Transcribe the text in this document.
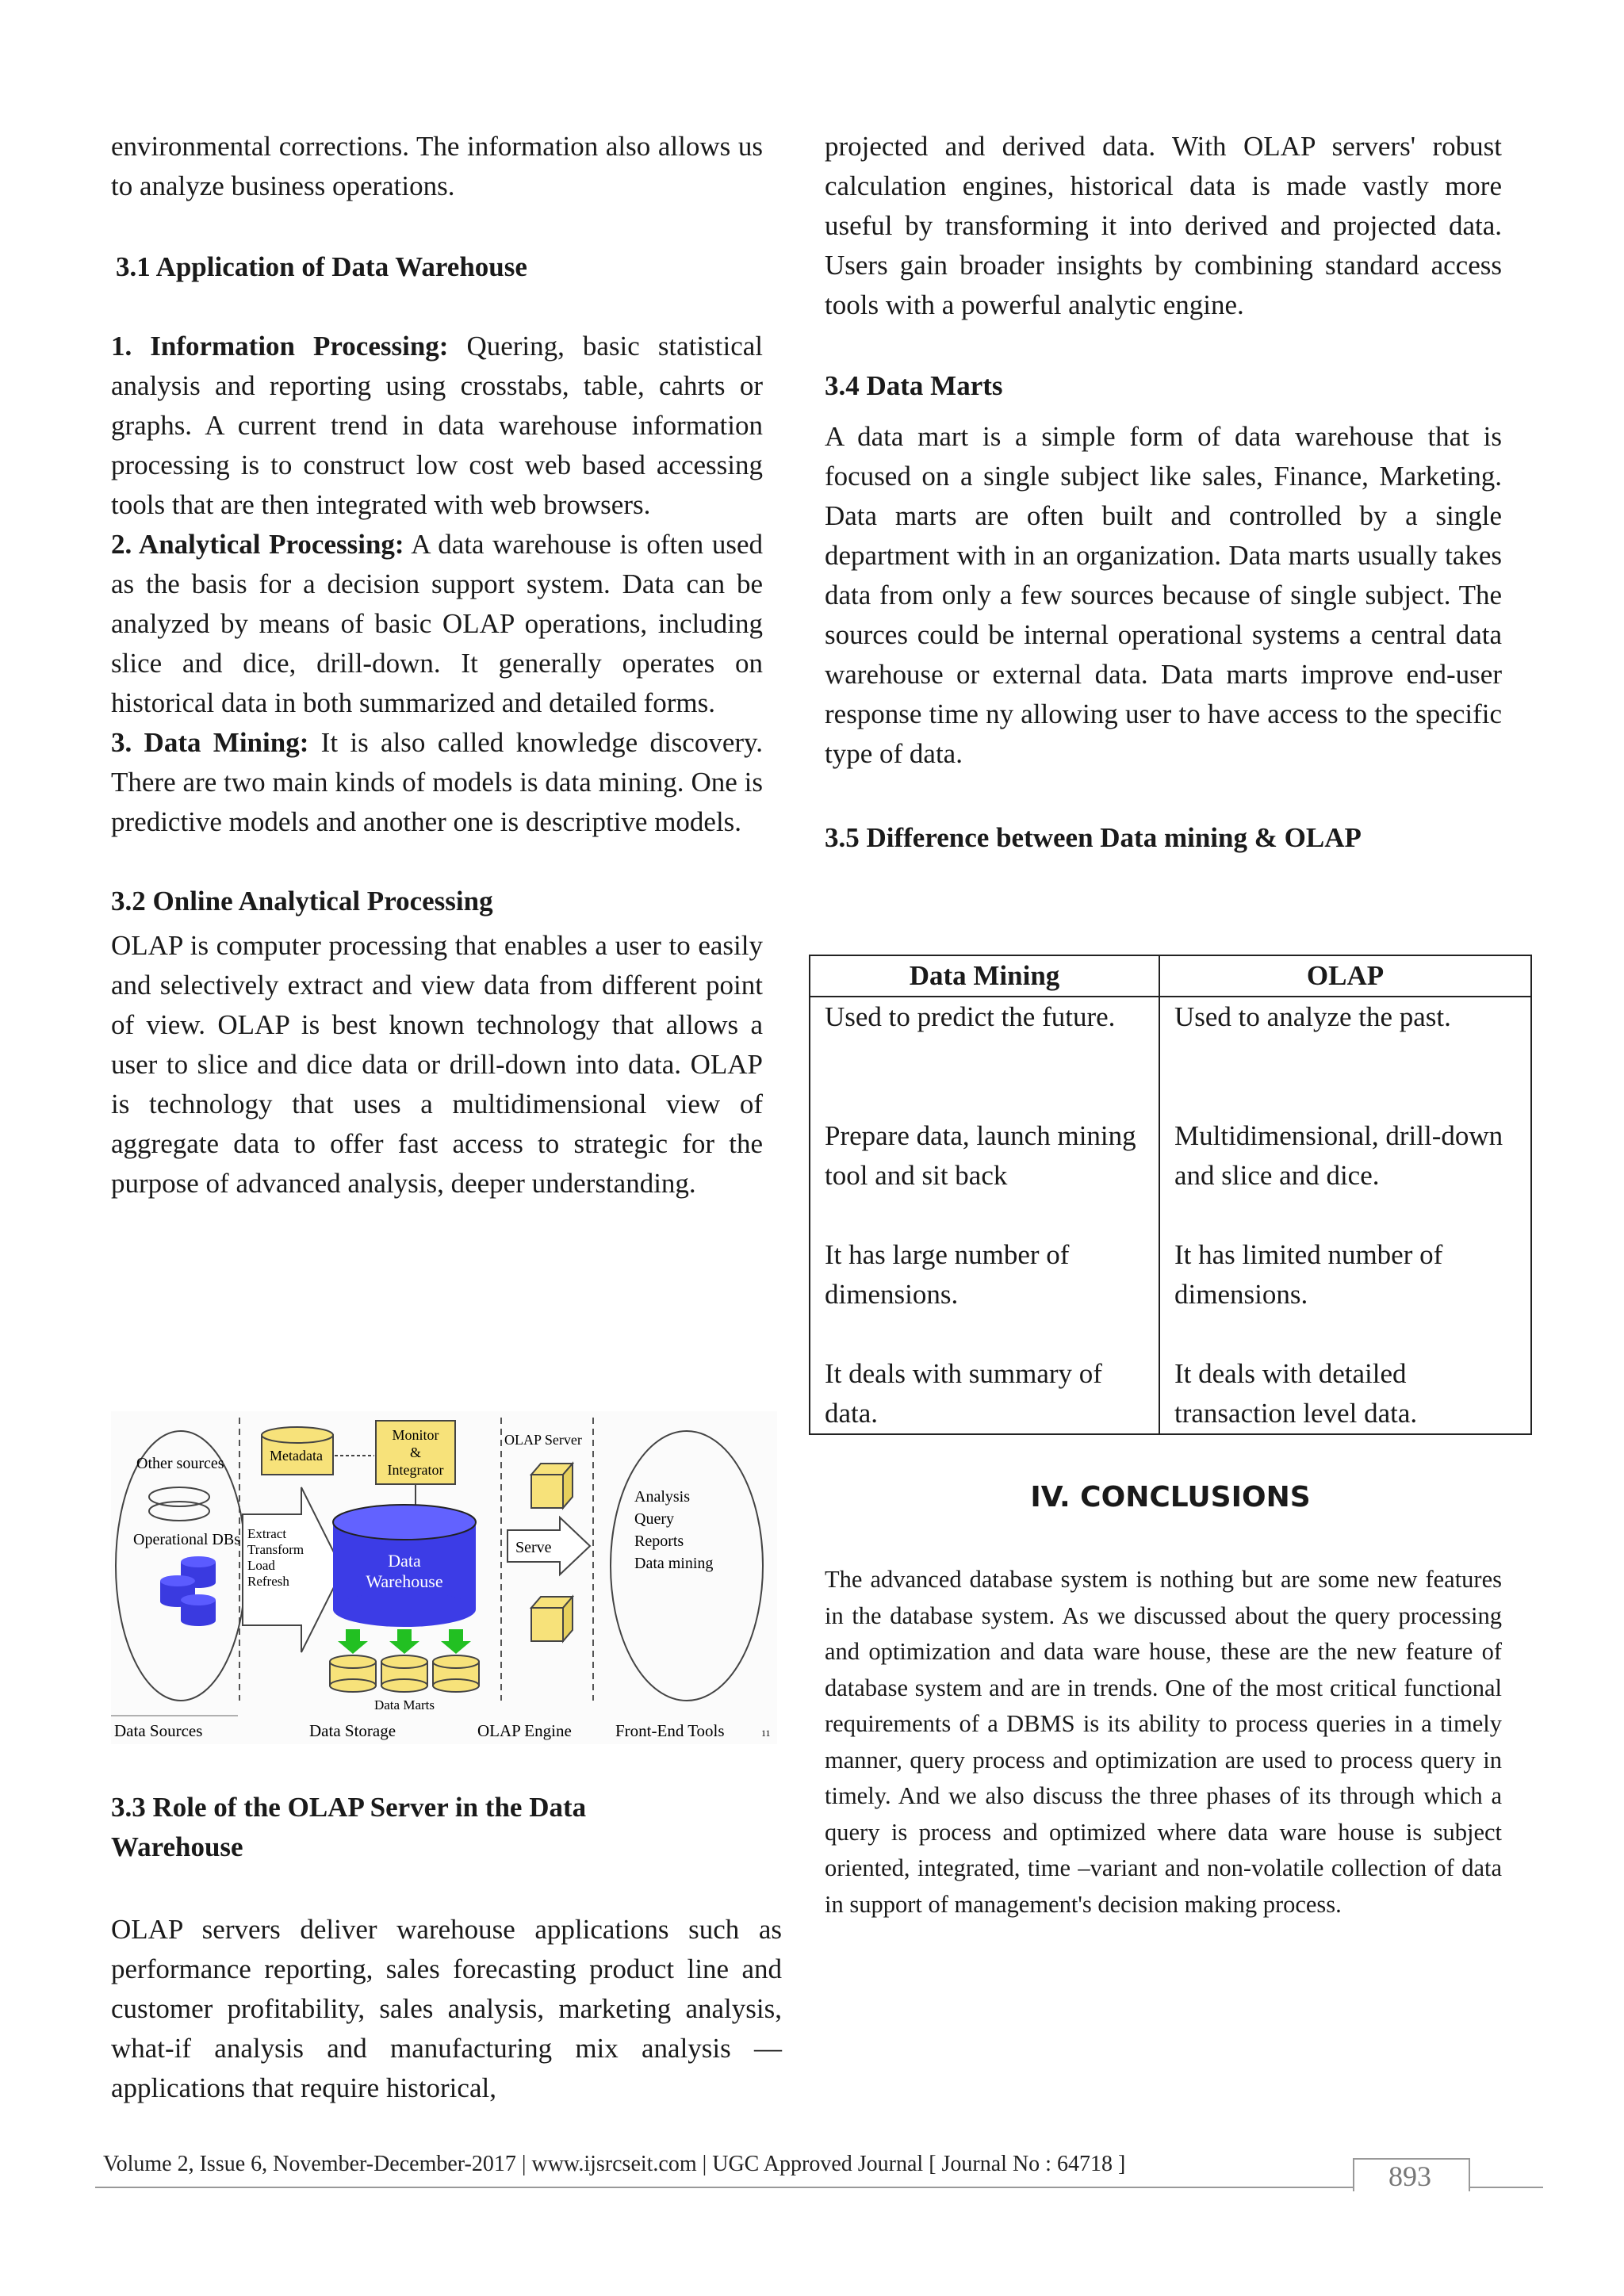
environmental corrections. The information also allows us to analyze business operations.

3.1 Application of Data Warehouse

1. Information Processing: Quering, basic statistical analysis and reporting using crosstabs, table, cahrts or graphs. A current trend in data warehouse information processing is to construct low cost web based accessing tools that are then integrated with web browsers.

2. Analytical Processing: A data warehouse is often used as the basis for a decision support system. Data can be analyzed by means of basic OLAP operations, including slice and dice, drill-down. It generally operates on historical data in both summarized and detailed forms.

3. Data Mining: It is also called knowledge discovery. There are two main kinds of models is data mining. One is predictive models and another one is descriptive models.

3.2 Online Analytical Processing

OLAP is computer processing that enables a user to easily and selectively extract and view data from different point of view. OLAP is best known technology that allows a user to slice and dice data or drill-down into data. OLAP is technology that uses a multidimensional view of aggregate data to offer fast access to strategic for the purpose of advanced analysis, deeper understanding.

Other sources
Operational DBs
Metadata
Monitor
&
Integrator
Extract
Transform
Load
Refresh
Data
Warehouse
Data Marts
OLAP Server
Serve
Analysis
Query
Reports
Data mining
Data Sources	Data Storage	OLAP Engine	Front-End Tools	11

3.3 Role of the OLAP Server in the Data Warehouse

OLAP servers deliver warehouse applications such as performance reporting, sales forecasting product line and customer profitability, sales analysis, marketing analysis, what-if analysis and manufacturing mix analysis — applications that require historical,

projected and derived data. With OLAP servers' robust calculation engines, historical data is made vastly more useful by transforming it into derived and projected data. Users gain broader insights by combining standard access tools with a powerful analytic engine.

3.4 Data Marts

A data mart is a simple form of data warehouse that is focused on a single subject like sales, Finance, Marketing. Data marts are often built and controlled by a single department with in an organization. Data marts usually takes data from only a few sources because of single subject. The sources could be internal operational systems a central data warehouse or external data. Data marts improve end-user response time ny allowing user to have access to the specific type of data.

3.5 Difference between Data mining & OLAP

Data Mining	OLAP
Used to predict the future.	Used to analyze the past.
Prepare data, launch mining tool and sit back	Multidimensional, drill-down and slice and dice.
It has large number of dimensions.	It has limited number of dimensions.
It deals with summary of data.	It deals with detailed transaction level data.
IV. CONCLUSIONS

The advanced database system is nothing but are some new features in the database system. As we discussed about the query processing and optimization and data ware house, these are the new feature of database system and are in trends. One of the most critical functional requirements of a DBMS is its ability to process queries in a timely manner, query process and optimization are used to process query in timely. And we also discuss the three phases of its through which a query is process and optimized where data ware house is subject oriented, integrated, time –variant and non-volatile collection of data in support of management's decision making process.

Volume 2, Issue 6, November-December-2017 | www.ijsrcseit.com | UGC Approved Journal [ Journal No : 64718 ]	893
